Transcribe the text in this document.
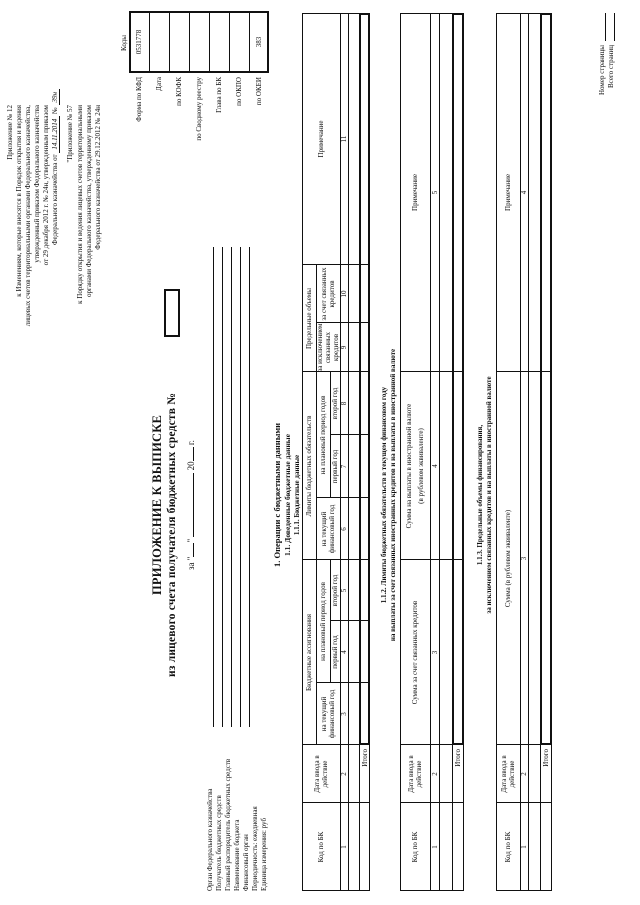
Приложение № 12 к Изменениям, которые вносятся в Порядок открытия и ведения лицевых счетов территориальными органами Федерального казначейства, утвержденный приказом Федерального казначейства от 29 декабря 2012 г. № 24н, утвержденным приказом Федерального казначейства от 14.11.2014 № 39н
"Приложение № 57 к Порядку открытия и ведения лицевых счетов территориальными органами Федерального казначейства, утвержденному приказом Федерального казначейства от 29.12.2012 № 24н
ПРИЛОЖЕНИЕ К ВЫПИСКЕ из лицевого счета получателя бюджетных средств № за ""  20 г.
Коды
Форма по КФД
0531778
Дата по КОФК по Сводному реестру Глава по БК по ОКПО по ОКЕИ
383
Орган Федерального казначейства Получатель бюджетных средств Главный распорядитель бюджетных средств Наименование бюджета Финансовый орган Периодичность: ежедневная Единица измерения: руб
1. Операции с бюджетными данными 1.1. Доведенные бюджетные данные 1.1.1. Бюджетные данные
Код по БК
Дата ввода в действие
Бюджетные ассигнования
Лимиты бюджетных обязательств
Предельные объемы
на текущий финансовый год
на плановый период годов первый год
второй год
на текущий финансовый год
на плановый период годов первый год
второй год
за исключением связанных кредитов
за счет связанных кредитов
Примечание
1
2
3
4
5
6
7
8
9
10
11
Итого
1.1.2. Лимиты бюджетных обязательств в текущем финансовом году на выплаты за счет связанных иностранных кредитов и на выплаты в иностранной валюте
Код по БК
Дата ввода в действие
Сумма за счет связанных кредитов
Сумма на выплаты в иностранной валюте (в рублевом эквиваленте)
Примечание
1
2
3
4
5
Итого
1.1.3. Предельные объемы финансирования, за исключением связанных кредитов и на выплаты в иностранной валюте
Код по БК
Дата ввода в действие
Сумма (в рублевом эквиваленте)
Примечание
1
2
3
4
Итого
Номер страницы Всего страниц
